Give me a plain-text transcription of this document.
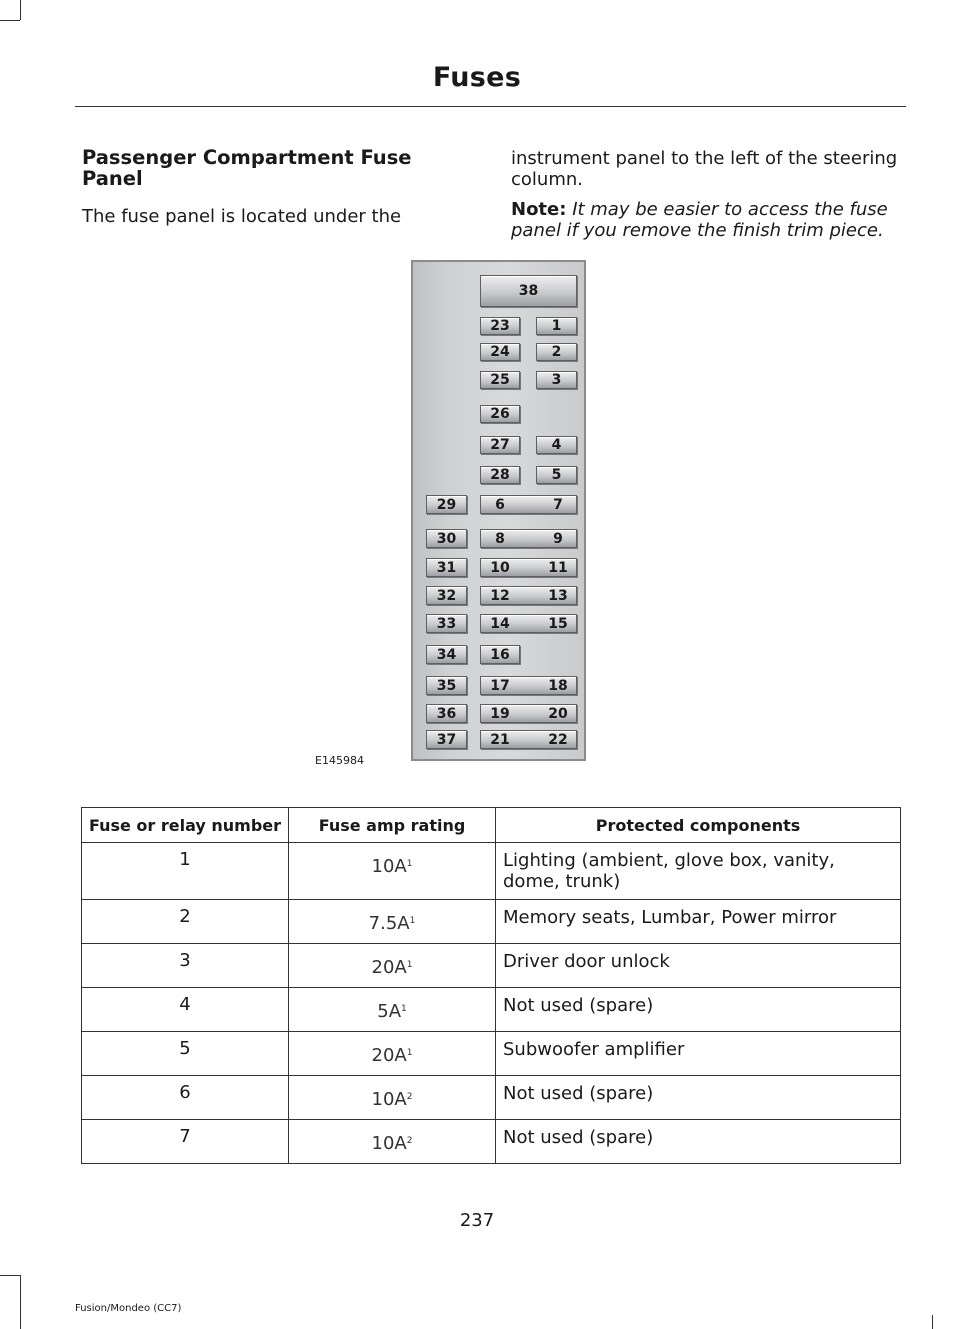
Fuses
Passenger Compartment Fuse Panel
The fuse panel is located under the
instrument panel to the left of the steering column.
Note: It may be easier to access the fuse panel if you remove the finish trim piece.
38
23	1
24	2
25	3
26
27	4
28	5
29	6	7
30	8	9
31 10	11
32 12	13
33 14	15
34 16
35 17	18
36 19	20
37 21	22
E145984
Fuse or relay number	Fuse amp rating	Protected components
1	$10A^1$	Lighting (ambient, glove box, vanity, dome, trunk)
2	$7.5A^1$	Memory seats, Lumbar, Power mirror
3	$20A^1$	Driver door unlock
4	$5A^1$	Not used (spare)
5	$20A^1$	Subwoofer amplifier
6	$10A^2$	Not used (spare)
7	$10A^2$	Not used (spare)
237
Fusion/Mondeo (CC7)
